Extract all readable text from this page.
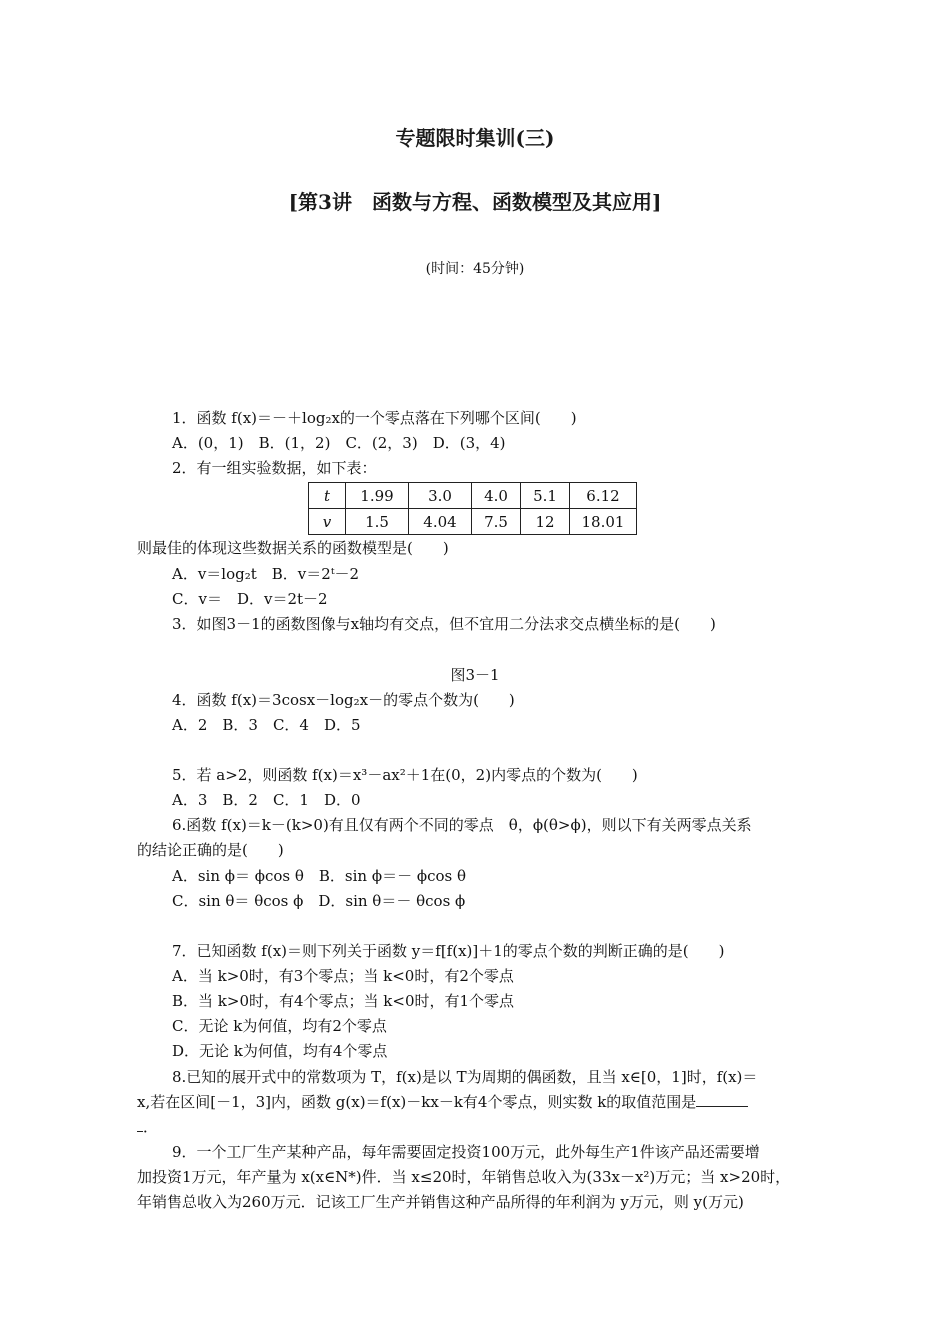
专题限时集训(三)
[第3讲　函数与方程、函数模型及其应用]
(时间：45分钟)
1．函数 f(x)＝－＋log₂x的一个零点落在下列哪个区间(　　)
A．(0，1)　B．(1，2)　C．(2，3)　D．(3，4)
2．有一组实验数据，如下表：
t	1.99	3.0	4.0	5.1	6.12
v	1.5	4.04	7.5	12	18.01
则最佳的体现这些数据关系的函数模型是(　　)
A．v＝log₂t　B．v＝2ᵗ－2
C．v＝　D．v＝2t－2
3．如图3－1的函数图像与x轴均有交点，但不宜用二分法求交点横坐标的是(　　)
图3－1
4．函数 f(x)＝3cosx－log₂x－的零点个数为(　　)
A．2　B．3　C．4　D．5
5．若 a>2，则函数 f(x)＝x³－ax²＋1在(0，2)内零点的个数为(　　)
A．3　B．2　C．1　D．0
6.函数 f(x)＝k－(k>0)有且仅有两个不同的零点　θ，ϕ(θ>ϕ)，则以下有关两零点关系
的结论正确的是(　　)
A．sin ϕ＝ ϕcos θ　B．sin ϕ＝－ ϕcos θ
C．sin θ＝ θcos ϕ　D．sin θ＝－ θcos ϕ
7．已知函数 f(x)＝则下列关于函数 y＝f[f(x)]＋1的零点个数的判断正确的是(　　)
A．当 k>0时，有3个零点；当 k<0时，有2个零点
B．当 k>0时，有4个零点；当 k<0时，有1个零点
C．无论 k为何值，均有2个零点
D．无论 k为何值，均有4个零点
8.已知的展开式中的常数项为 T，f(x)是以 T为周期的偶函数，且当 x∈[0，1]时，f(x)＝
x,若在区间[－1，3]内，函数 g(x)＝f(x)－kx－k有4个零点，则实数 k的取值范围是
．
9．一个工厂生产某种产品，每年需要固定投资100万元，此外每生产1件该产品还需要增
加投资1万元，年产量为 x(x∈N*)件．当 x≤20时，年销售总收入为(33x－x²)万元；当 x>20时，
年销售总收入为260万元．记该工厂生产并销售这种产品所得的年利润为 y万元，则 y(万元)
